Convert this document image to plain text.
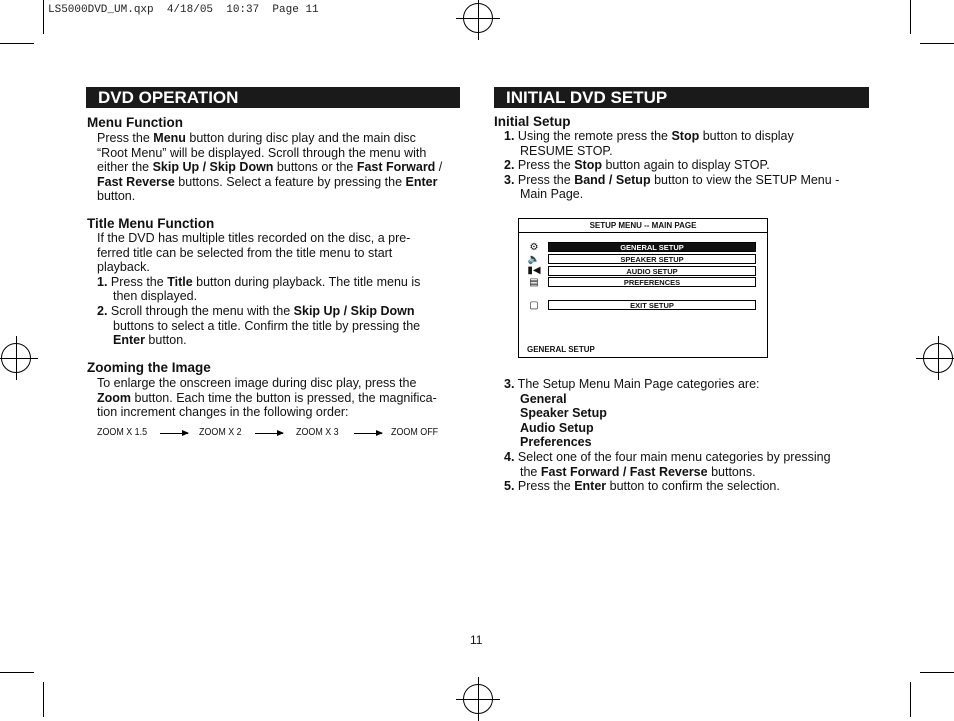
LS5000DVD_UM.qxp  4/18/05  10:37  Page 11
DVD OPERATION
Menu Function
Press the Menu button during disc play and the main disc
“Root Menu” will be displayed. Scroll through the menu with
either the Skip Up / Skip Down buttons or the Fast Forward /
Fast Reverse buttons. Select a feature by pressing the Enter
button.
Title Menu Function
If the DVD has multiple titles recorded on the disc, a pre-
ferred title can be selected from the title menu to start
playback.
1. Press the Title button during playback. The title menu is
then displayed.
2. Scroll through the menu with the Skip Up / Skip Down
buttons to select a title. Confirm the title by pressing the
Enter button.
Zooming the Image
To enlarge the onscreen image during disc play, press the
Zoom button. Each time the button is pressed, the magnifica-
tion increment changes in the following order:
ZOOM X 1.5	ZOOM X 2	ZOOM X 3	ZOOM OFF
INITIAL DVD SETUP
Initial Setup
1. Using the remote press the Stop button to display
RESUME STOP.
2. Press the Stop button again to display STOP.
3. Press the Band / Setup button to view the SETUP Menu -
Main Page.
SETUP MENU -- MAIN PAGE
⚙	GENERAL SETUP
🔈	SPEAKER SETUP
▮◀	AUDIO SETUP
▤	PREFERENCES
▢	EXIT SETUP
GENERAL SETUP
3. The Setup Menu Main Page categories are:
General
Speaker Setup
Audio Setup
Preferences
4. Select one of the four main menu categories by pressing
the Fast Forward / Fast Reverse buttons.
5. Press the Enter button to confirm the selection.
11
